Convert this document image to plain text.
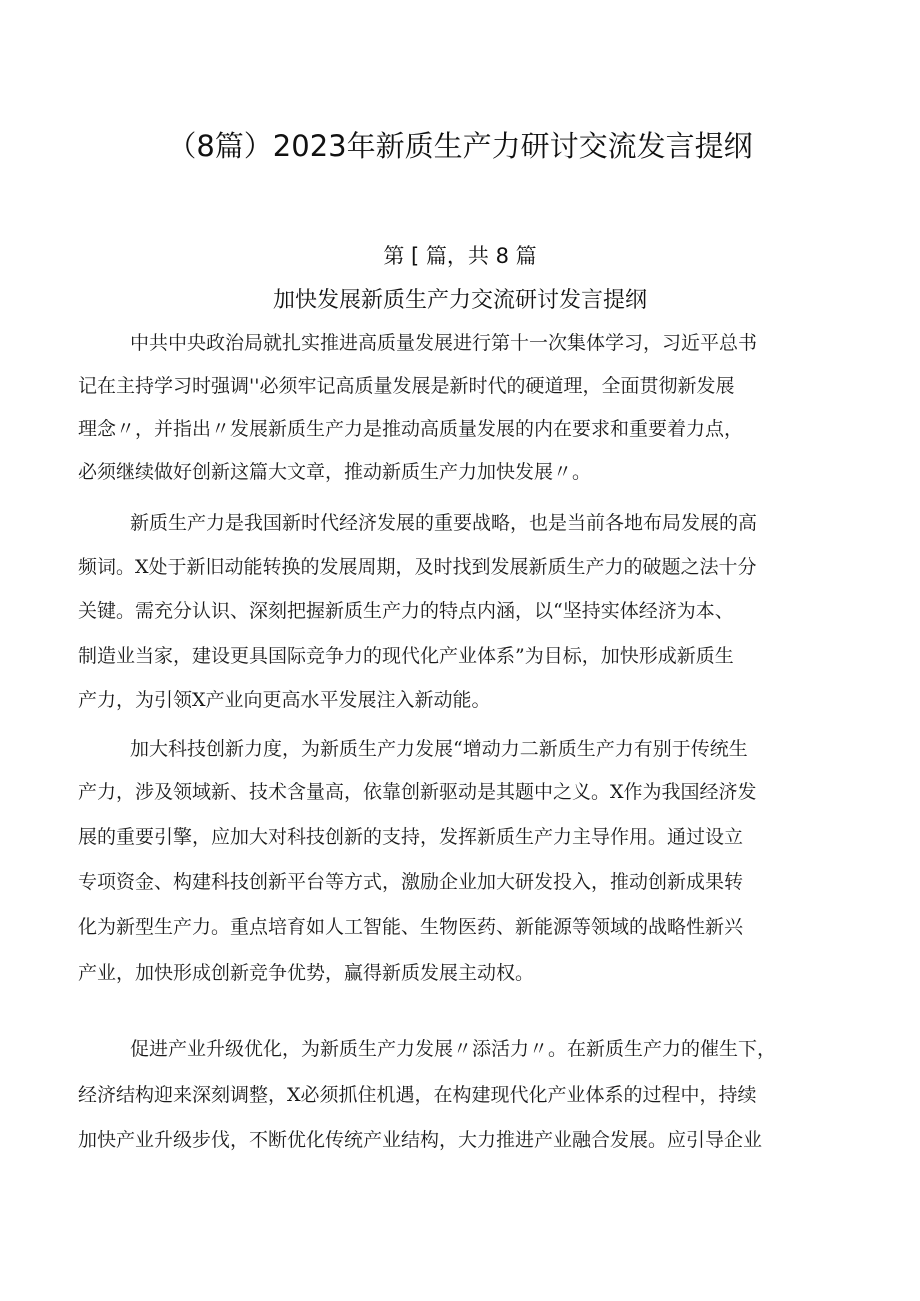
（8篇）2023年新质生产力研讨交流发言提纲
第 [ 篇，共 8 篇
加快发展新质生产力交流研讨发言提纲

中共中央政治局就扎实推进高质量发展进行第十一次集体学习，习近平总书

记在主持学习时强调''必须牢记高质量发展是新时代的硬道理，全面贯彻新发展

理念〃，并指出〃发展新质生产力是推动高质量发展的内在要求和重要着力点，

必须继续做好创新这篇大文章，推动新质生产力加快发展〃。

新质生产力是我国新时代经济发展的重要战略，也是当前各地布局发展的高

频词。X处于新旧动能转换的发展周期，及时找到发展新质生产力的破题之法十分

关键。需充分认识、深刻把握新质生产力的特点内涵，以“坚持实体经济为本、

制造业当家，建设更具国际竞争力的现代化产业体系”为目标，加快形成新质生

产力，为引领X产业向更高水平发展注入新动能。

加大科技创新力度，为新质生产力发展“增动力二新质生产力有别于传统生

产力，涉及领域新、技术含量高，依靠创新驱动是其题中之义。X作为我国经济发

展的重要引擎，应加大对科技创新的支持，发挥新质生产力主导作用。通过设立

专项资金、构建科技创新平台等方式，激励企业加大研发投入，推动创新成果转

化为新型生产力。重点培育如人工智能、生物医药、新能源等领域的战略性新兴

产业，加快形成创新竞争优势，赢得新质发展主动权。

促进产业升级优化，为新质生产力发展〃添活力〃。在新质生产力的催生下，

经济结构迎来深刻调整，X必须抓住机遇，在构建现代化产业体系的过程中，持续

加快产业升级步伐，不断优化传统产业结构，大力推进产业融合发展。应引导企业
